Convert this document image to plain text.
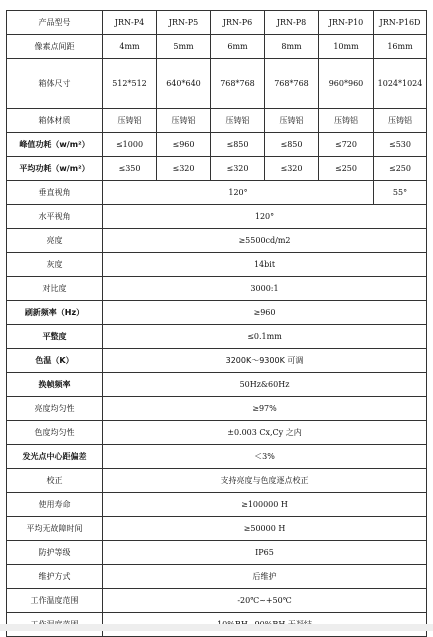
产品型号	JRN-P4	JRN-P5	JRN-P6	JRN-P8	JRN-P10	JRN-P16D
像素点间距	4mm	5mm	6mm	8mm	10mm	16mm
箱体尺寸	512*512	640*640	768*768	768*768	960*960	1024*1024
箱体材质	压铸铝	压铸铝	压铸铝	压铸铝	压铸铝	压铸铝
峰值功耗（w/m²）	≤1000	≤960	≤850	≤850	≤720	≤530
平均功耗（w/m²）	≤350	≤320	≤320	≤320	≤250	≤250
垂直视角	120°					55°
水平视角	120°					
亮度	≥5500cd/m2					
灰度	14bit					
对比度	3000:1					
刷新频率（Hz）	≥960					
平整度	≤0.1mm					
色温（K）	3200K～9300K 可调					
换帧频率	50Hz&60Hz					
亮度均匀性	≥97%					
色度均匀性	±0.003 Cx,Cy 之内					
发光点中心距偏差	＜3%					
校正	支持亮度与色度逐点校正					
使用寿命	≥100000 H					
平均无故障时间	≥50000 H					
防护等级	IP65					
维护方式	后维护					
工作温度范围	-20℃~+50℃					
